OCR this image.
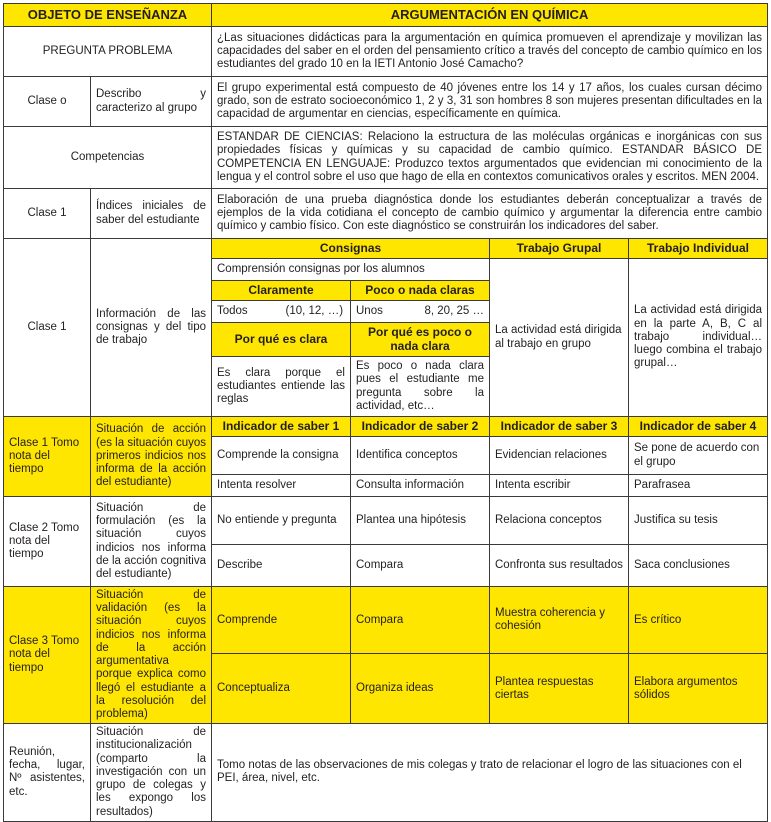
OBJETO DE ENSEÑANZA		ARGUMENTACIÓN EN QUÍMICA					
PREGUNTA PROBLEMA		¿Las situaciones didácticas para la argumentación en química promueven el aprendizaje y movilizan las capacidades del saber en el orden del pensamiento crítico a través del concepto de cambio químico en los estudiantes del grado 10 en la IETI Antonio José Camacho?					
Clase o	Describo y caracterizo al grupo	El grupo experimental está compuesto de 40 jóvenes entre los 14 y 17 años, los cuales cursan décimo grado, son de estrato socioeconómico 1, 2 y 3, 31 son hombres 8 son mujeres presentan dificultades en la capacidad de argumentar en ciencias, específicamente en química.					
Competencias		ESTANDAR DE CIENCIAS: Relaciono la estructura de las moléculas orgánicas e inorgánicas con sus propiedades físicas y químicas y su capacidad de cambio químico. ESTANDAR BÁSICO DE COMPETENCIA EN LENGUAJE: Produzco textos argumentados que evidencian mi conocimiento de la lengua y el control sobre el uso que hago de ella en contextos comunicativos orales y escritos. MEN 2004.					
Clase 1	Índices iniciales de saber del estudiante	Elaboración de una prueba diagnóstica donde los estudiantes deberán conceptualizar a través de ejemplos de la vida cotidiana el concepto de cambio químico y argumentar la diferencia entre cambio químico y cambio físico. Con este diagnóstico se construirán los indicadores del saber.					
Clase 1	Información de las consignas y del tipo de trabajo	Consignas				Trabajo Grupal	Trabajo Individual
		Comprensión consignas por los alumnos				La actividad está dirigida al trabajo en grupo	La actividad está dirigida en la parte A, B, C al trabajo individual… luego combina el trabajo grupal…
		Claramente		Poco o nada claras			
		Todos	(10, 12, …)	Unos	8, 20, 25 …		
		Por qué es clara		Por qué es poco o nada clara			
		Es clara porque el estudiantes entiende las reglas		Es poco o nada clara pues el estudiante me pregunta sobre la actividad, etc…			
Clase 1 Tomo nota del tiempo	Situación de acción (es la situación cuyos primeros indicios nos informa de la acción del estudiante)	Indicador de saber 1		Indicador de saber 2		Indicador de saber 3	Indicador de saber 4
		Comprende la consigna		Identifica conceptos		Evidencian relaciones	Se pone de acuerdo con el grupo
		Intenta resolver		Consulta información		Intenta escribir	Parafrasea
Clase 2 Tomo nota del tiempo	Situación de formulación (es la situación cuyos indicios nos informa de la acción cognitiva del estudiante)	No entiende y pregunta		Plantea una hipótesis		Relaciona conceptos	Justifica su tesis
		Describe		Compara		Confronta sus resultados	Saca conclusiones
Clase 3 Tomo nota del tiempo	Situación de validación (es la situación cuyos indicios nos informa de la acción argumentativa porque explica como llegó el estudiante a la resolución del problema)	Comprende		Compara		Muestra coherencia y cohesión	Es crítico
		Conceptualiza		Organiza ideas		Plantea respuestas ciertas	Elabora argumentos sólidos
Reunión, fecha, lugar, Nº asistentes, etc.	Situación de institucionalización (comparto la investigación con un grupo de colegas y les expongo los resultados)	Tomo notas de las observaciones de mis colegas y trato de relacionar el logro de las situaciones con el PEI, área, nivel, etc.					
